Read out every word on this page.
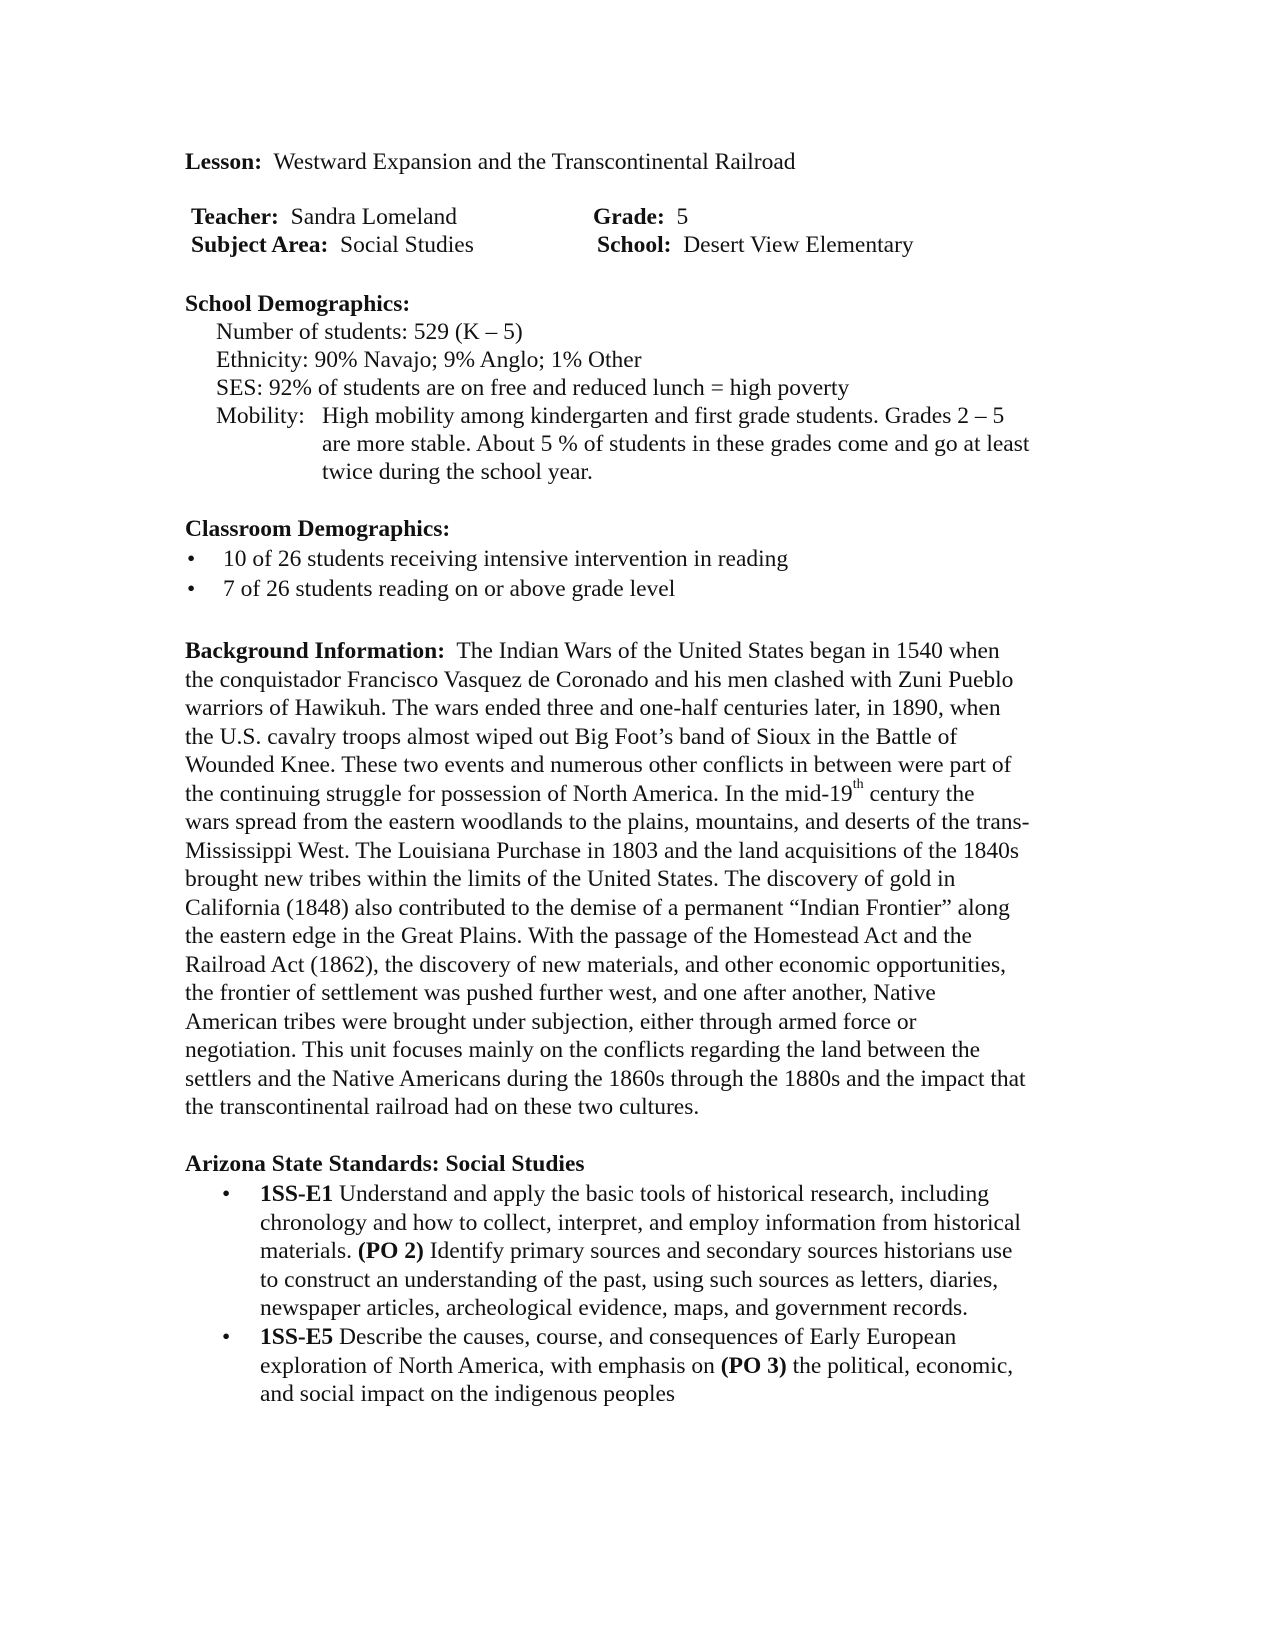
Lesson: Westward Expansion and the Transcontinental Railroad
Teacher: Sandra Lomeland	Grade: 5
Subject Area: Social Studies	School: Desert View Elementary
School Demographics:
Number of students: 529 (K – 5)
Ethnicity: 90% Navajo; 9% Anglo; 1% Other
SES: 92% of students are on free and reduced lunch = high poverty
Mobility: High mobility among kindergarten and first grade students. Grades 2 – 5
are more stable. About 5 % of students in these grades come and go at least
twice during the school year.
Classroom Demographics:
• 10 of 26 students receiving intensive intervention in reading
• 7 of 26 students reading on or above grade level
Background Information: The Indian Wars of the United States began in 1540 when
the conquistador Francisco Vasquez de Coronado and his men clashed with Zuni Pueblo
warriors of Hawikuh. The wars ended three and one-half centuries later, in 1890, when
the U.S. cavalry troops almost wiped out Big Foot’s band of Sioux in the Battle of
Wounded Knee. These two events and numerous other conflicts in between were part of
the continuing struggle for possession of North America. In the mid-19th century the
wars spread from the eastern woodlands to the plains, mountains, and deserts of the trans-
Mississippi West. The Louisiana Purchase in 1803 and the land acquisitions of the 1840s
brought new tribes within the limits of the United States. The discovery of gold in
California (1848) also contributed to the demise of a permanent “Indian Frontier” along
the eastern edge in the Great Plains. With the passage of the Homestead Act and the
Railroad Act (1862), the discovery of new materials, and other economic opportunities,
the frontier of settlement was pushed further west, and one after another, Native
American tribes were brought under subjection, either through armed force or
negotiation. This unit focuses mainly on the conflicts regarding the land between the
settlers and the Native Americans during the 1860s through the 1880s and the impact that
the transcontinental railroad had on these two cultures.
Arizona State Standards: Social Studies
• 1SS-E1 Understand and apply the basic tools of historical research, including
chronology and how to collect, interpret, and employ information from historical
materials. (PO 2) Identify primary sources and secondary sources historians use
to construct an understanding of the past, using such sources as letters, diaries,
newspaper articles, archeological evidence, maps, and government records.
• 1SS-E5 Describe the causes, course, and consequences of Early European
exploration of North America, with emphasis on (PO 3) the political, economic,
and social impact on the indigenous peoples
